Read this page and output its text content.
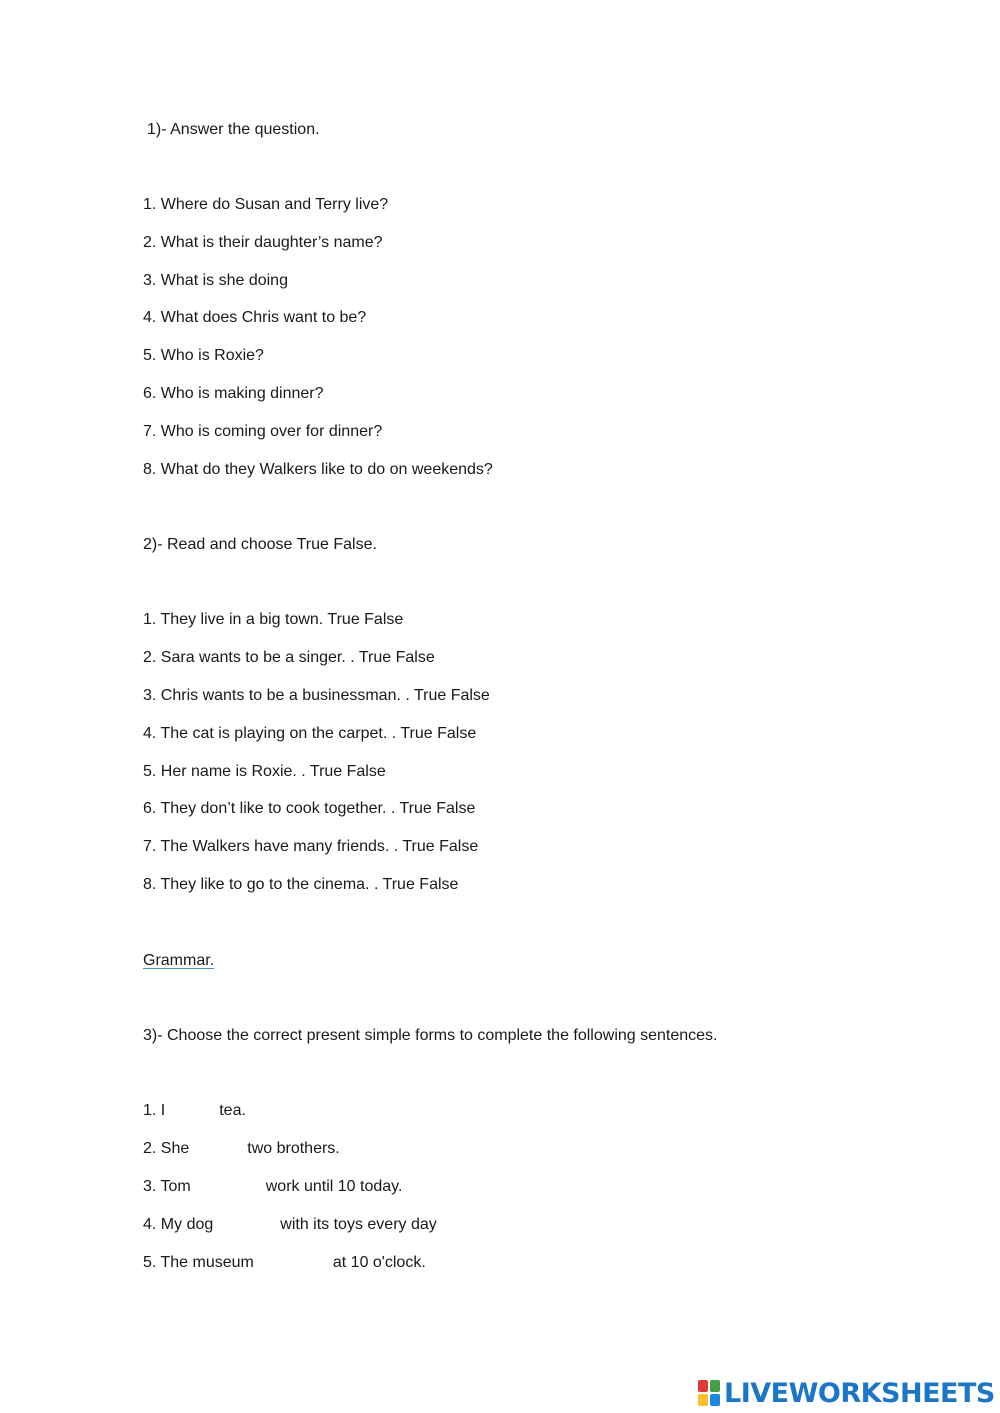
1)- Answer the question.

1. Where do Susan and Terry live?

2. What is their daughter’s name?

3. What is she doing

4. What does Chris want to be?

5. Who is Roxie?

6. Who is making dinner?

7. Who is coming over for dinner?

8. What do they Walkers like to do on weekends?

2)- Read and choose True False.

1. They live in a big town. True False

2. Sara wants to be a singer. . True False

3. Chris wants to be a businessman. . True False

4. The cat is playing on the carpet. . True False

5. Her name is Roxie. . True False

6. They don’t like to cook together. . True False

7. The Walkers have many friends. . True False

8. They like to go to the cinema. . True False

Grammar.

3)- Choose the correct present simple forms to complete the following sentences.

1. I	tea.

2. She	two brothers.

3. Tom	work until 10 today.

4. My dog	with its toys every day

5. The museum	at 10 o'clock.

LIVEWORKSHEETS
